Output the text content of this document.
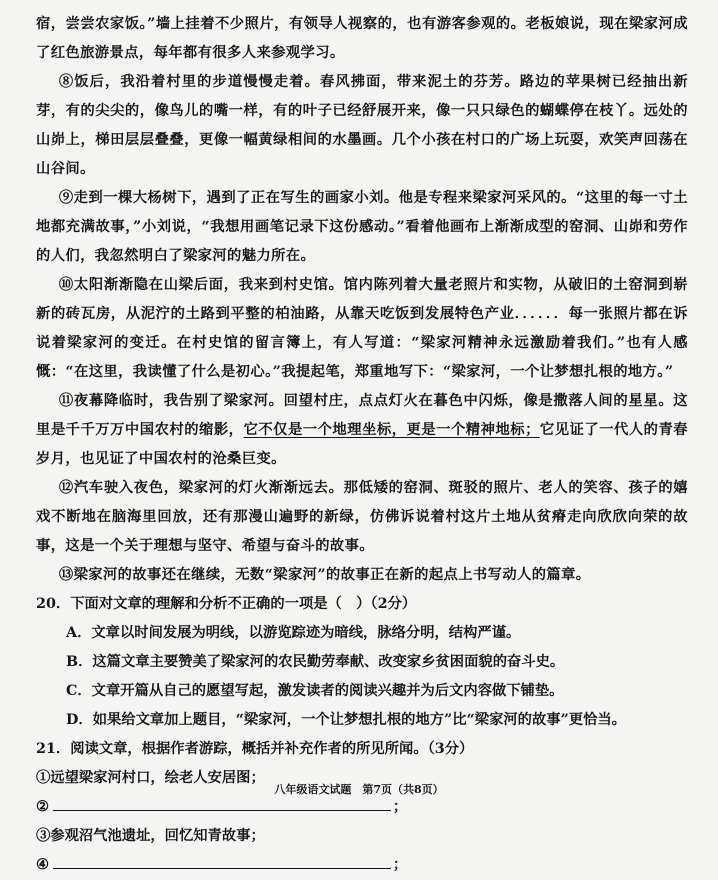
宿，尝尝农家饭。”墙上挂着不少照片，有领导人视察的，也有游客参观的。老板娘说，现在梁家河成了红色旅游景点，每年都有很多人来参观学习。

⑧饭后，我沿着村里的步道慢慢走着。春风拂面，带来泥土的芬芳。路边的苹果树已经抽出新芽，有的尖尖的，像鸟儿的嘴一样，有的叶子已经舒展开来，像一只只绿色的蝴蝶停在枝丫。远处的山峁上，梯田层层叠叠，更像一幅黄绿相间的水墨画。几个小孩在村口的广场上玩耍，欢笑声回荡在山谷间。

⑨走到一棵大杨树下，遇到了正在写生的画家小刘。他是专程来梁家河采风的。“这里的每一寸土地都充满故事，”小刘说，“我想用画笔记录下这份感动。”看着他画布上渐渐成型的窑洞、山峁和劳作的人们，我忽然明白了梁家河的魅力所在。

⑩太阳渐渐隐在山梁后面，我来到村史馆。馆内陈列着大量老照片和实物，从破旧的土窑洞到崭新的砖瓦房，从泥泞的土路到平整的柏油路，从靠天吃饭到发展特色产业．．．．．．每一张照片都在诉说着梁家河的变迁。在村史馆的留言簿上，有人写道：“梁家河精神永远激励着我们。”也有人感慨：“在这里，我读懂了什么是初心。”我提起笔，郑重地写下：“梁家河，一个让梦想扎根的地方。”

⑪夜幕降临时，我告别了梁家河。回望村庄，点点灯火在暮色中闪烁，像是撒落人间的星星。这里是千千万万中国农村的缩影，它不仅是一个地理坐标，更是一个精神地标；它见证了一代人的青春岁月，也见证了中国农村的沧桑巨变。

⑫汽车驶入夜色，梁家河的灯火渐渐远去。那低矮的窑洞、斑驳的照片、老人的笑容、孩子的嬉戏不断地在脑海里回放，还有那漫山遍野的新绿，仿佛诉说着村这片土地从贫瘠走向欣欣向荣的故事，这是一个关于理想与坚守、希望与奋斗的故事。

⑬梁家河的故事还在继续，无数“梁家河”的故事正在新的起点上书写动人的篇章。

20．下面对文章的理解和分析不正确的一项是（　）（2分）

A．文章以时间发展为明线，以游览踪迹为暗线，脉络分明，结构严谨。

B．这篇文章主要赞美了梁家河的农民勤劳奉献、改变家乡贫困面貌的奋斗史。

C．文章开篇从自己的愿望写起，激发读者的阅读兴趣并为后文内容做下铺垫。

D．如果给文章加上题目，“梁家河，一个让梦想扎根的地方”比“梁家河的故事”更恰当。

21．阅读文章，根据作者游踪，概括并补充作者的所见所闻。（3分）

①远望梁家河村口，绘老人安居图；

②	；

③参观沼气池遗址，回忆知青故事；

④	；

八年级语文试题　第7页（共8页）
